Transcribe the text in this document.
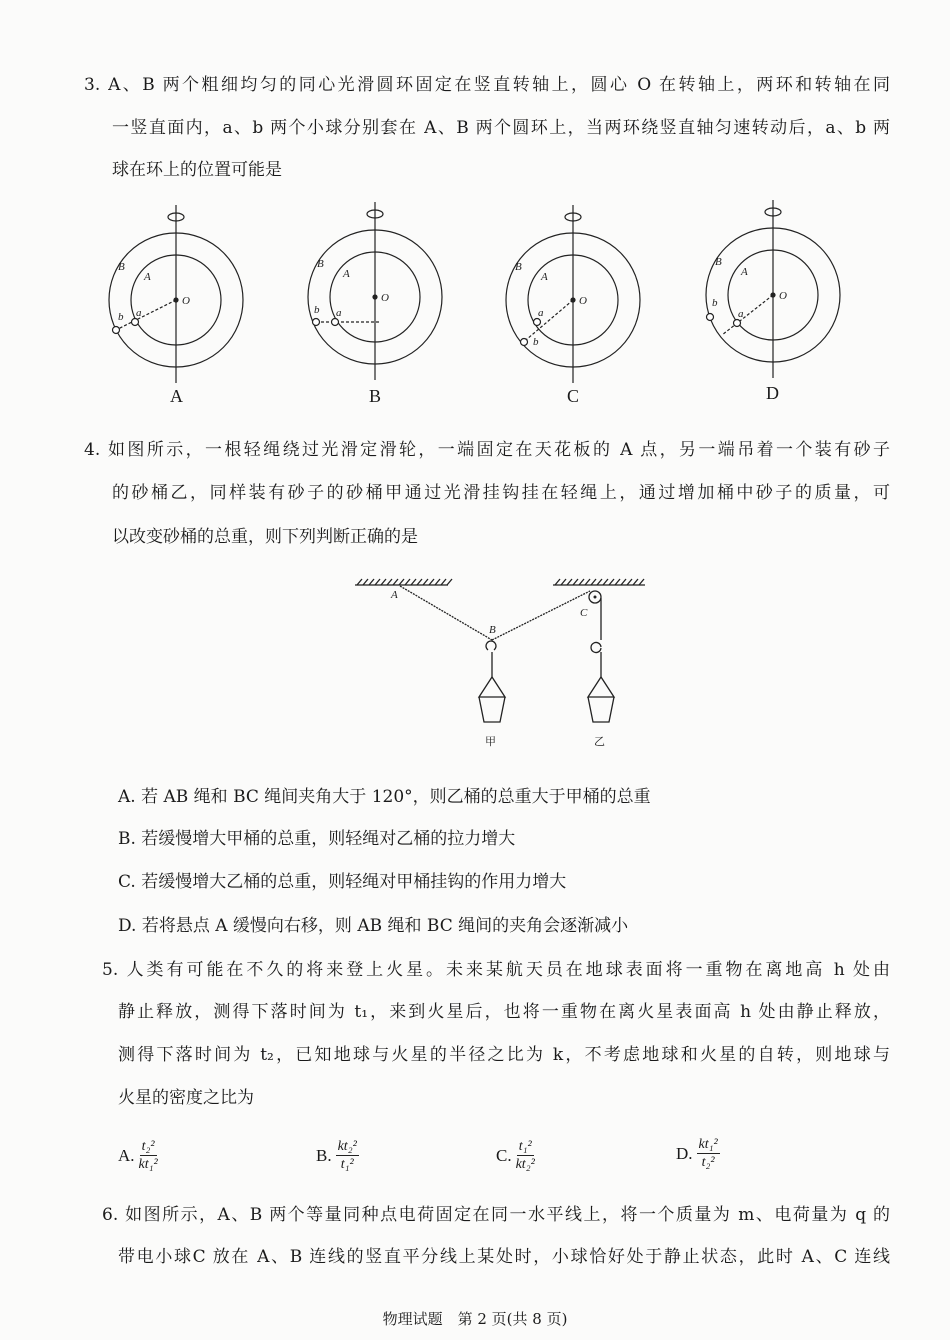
3. A、B 两个粗细均匀的同心光滑圆环固定在竖直转轴上，圆心 O 在转轴上，两环和转轴在同
一竖直面内，a、b 两个小球分别套在 A、B 两个圆环上，当两环绕竖直轴匀速转动后，a、b 两
球在环上的位置可能是
O
B
A
a
b
O
B
A
a
b
O
B
A
a
b
O
B
A
a
b
A	B	C	D
4. 如图所示，一根轻绳绕过光滑定滑轮，一端固定在天花板的 A 点，另一端吊着一个装有砂子
的砂桶乙，同样装有砂子的砂桶甲通过光滑挂钩挂在轻绳上，通过增加桶中砂子的质量，可
以改变砂桶的总重，则下列判断正确的是
A
B
C
甲	乙
A. 若 AB 绳和 BC 绳间夹角大于 120°，则乙桶的总重大于甲桶的总重
B. 若缓慢增大甲桶的总重，则轻绳对乙桶的拉力增大
C. 若缓慢增大乙桶的总重，则轻绳对甲桶挂钩的作用力增大
D. 若将悬点 A 缓慢向右移，则 AB 绳和 BC 绳间的夹角会逐渐减小
5. 人类有可能在不久的将来登上火星。未来某航天员在地球表面将一重物在离地高 h 处由
静止释放，测得下落时间为 t₁，来到火星后，也将一重物在离火星表面高 h 处由静止释放，
测得下落时间为 t₂，已知地球与火星的半径之比为 k，不考虑地球和火星的自转，则地球与
火星的密度之比为
A. $\frac{\text{t₂²}}{\text{kt₁²}}$	B. $\frac{\text{kt₂²}}{\text{t₁²}}$	C. $\frac{\text{t₁²}}{\text{kt₂²}}$	D. $\frac{\text{kt₁²}}{\text{t₂²}}$
6. 如图所示，A、B 两个等量同种点电荷固定在同一水平线上，将一个质量为 m、电荷量为 q 的
带电小球C 放在 A、B 连线的竖直平分线上某处时，小球恰好处于静止状态，此时 A、C 连线
物理试题　第 2 页(共 8 页)
